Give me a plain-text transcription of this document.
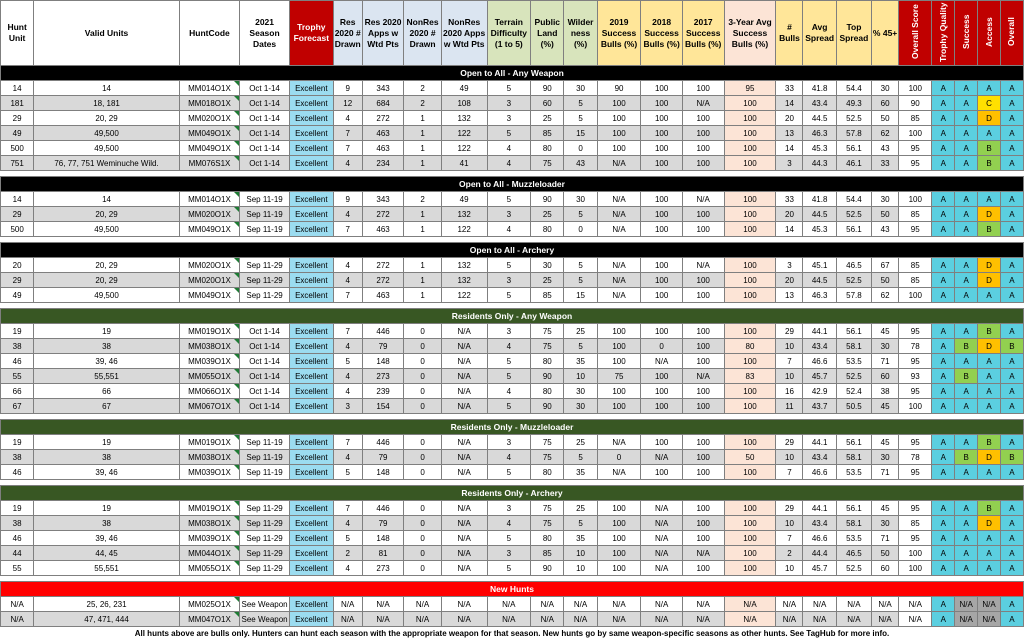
Hunt Unit	Valid Units	HuntCode	2021 Season Dates	Trophy Forecast	Res 2020 # Drawn	Res 2020 Apps w Wtd Pts	NonRes 2020 # Drawn	NonRes 2020 Apps w Wtd Pts	Terrain Difficulty (1 to 5)	Public Land (%)	Wilder ness (%)	2019 Success Bulls (%)	2018 Success Bulls (%)	2017 Success Bulls (%)	3-Year Avg Success Bulls (%)	# Bulls	Avg Spread	Top Spread	% 45+	Overall Score	Trophy Quality	Success	Access	Overall
Open to All - Any Weapon																								
14	14	MM014O1X	Oct 1-14	Excellent	9	343	2	49	5	90	30	90	100	100	95	33	41.8	54.4	30	100	A	A	A	A
181	18, 181	MM018O1X	Oct 1-14	Excellent	12	684	2	108	3	60	5	100	100	N/A	100	14	43.4	49.3	60	90	A	A	C	A
29	20, 29	MM020O1X	Oct 1-14	Excellent	4	272	1	132	3	25	5	100	100	100	100	20	44.5	52.5	50	85	A	A	D	A
49	49,500	MM049O1X	Oct 1-14	Excellent	7	463	1	122	5	85	15	100	100	100	100	13	46.3	57.8	62	100	A	A	A	A
500	49,500	MM049O1X	Oct 1-14	Excellent	7	463	1	122	4	80	0	100	100	100	100	14	45.3	56.1	43	95	A	A	B	A
751	76, 77, 751 Weminuche Wild.	MM076S1X	Oct 1-14	Excellent	4	234	1	41	4	75	43	N/A	100	100	100	3	44.3	46.1	33	95	A	A	B	A

Open to All - Muzzleloader																								
14	14	MM014O1X	Sep 11-19	Excellent	9	343	2	49	5	90	30	N/A	100	N/A	100	33	41.8	54.4	30	100	A	A	A	A
29	20, 29	MM020O1X	Sep 11-19	Excellent	4	272	1	132	3	25	5	N/A	100	100	100	20	44.5	52.5	50	85	A	A	D	A
500	49,500	MM049O1X	Sep 11-19	Excellent	7	463	1	122	4	80	0	N/A	100	100	100	14	45.3	56.1	43	95	A	A	B	A

Open to All - Archery																								
20	20, 29	MM020O1X	Sep 11-29	Excellent	4	272	1	132	5	30	5	N/A	100	N/A	100	3	45.1	46.5	67	85	A	A	D	A
29	20, 29	MM020O1X	Sep 11-29	Excellent	4	272	1	132	3	25	5	N/A	100	100	100	20	44.5	52.5	50	85	A	A	D	A
49	49,500	MM049O1X	Sep 11-29	Excellent	7	463	1	122	5	85	15	N/A	100	100	100	13	46.3	57.8	62	100	A	A	A	A

Residents Only - Any Weapon																								
19	19	MM019O1X	Oct 1-14	Excellent	7	446	0	N/A	3	75	25	100	100	100	100	29	44.1	56.1	45	95	A	A	B	A
38	38	MM038O1X	Oct 1-14	Excellent	4	79	0	N/A	4	75	5	100	0	100	80	10	43.4	58.1	30	78	A	B	D	B
46	39, 46	MM039O1X	Oct 1-14	Excellent	5	148	0	N/A	5	80	35	100	N/A	100	100	7	46.6	53.5	71	95	A	A	A	A
55	55,551	MM055O1X	Oct 1-14	Excellent	4	273	0	N/A	5	90	10	75	100	N/A	83	10	45.7	52.5	60	93	A	B	A	A
66	66	MM066O1X	Oct 1-14	Excellent	4	239	0	N/A	4	80	30	100	100	100	100	16	42.9	52.4	38	95	A	A	A	A
67	67	MM067O1X	Oct 1-14	Excellent	3	154	0	N/A	5	90	30	100	100	100	100	11	43.7	50.5	45	100	A	A	A	A

Residents Only - Muzzleloader																								
19	19	MM019O1X	Sep 11-19	Excellent	7	446	0	N/A	3	75	25	N/A	100	100	100	29	44.1	56.1	45	95	A	A	B	A
38	38	MM038O1X	Sep 11-19	Excellent	4	79	0	N/A	4	75	5	0	N/A	100	50	10	43.4	58.1	30	78	A	B	D	B
46	39, 46	MM039O1X	Sep 11-19	Excellent	5	148	0	N/A	5	80	35	N/A	100	100	100	7	46.6	53.5	71	95	A	A	A	A

Residents Only - Archery																								
19	19	MM019O1X	Sep 11-29	Excellent	7	446	0	N/A	3	75	25	100	N/A	100	100	29	44.1	56.1	45	95	A	A	B	A
38	38	MM038O1X	Sep 11-29	Excellent	4	79	0	N/A	4	75	5	100	N/A	100	100	10	43.4	58.1	30	85	A	A	D	A
46	39, 46	MM039O1X	Sep 11-29	Excellent	5	148	0	N/A	5	80	35	100	N/A	100	100	7	46.6	53.5	71	95	A	A	A	A
44	44, 45	MM044O1X	Sep 11-29	Excellent	2	81	0	N/A	3	85	10	100	N/A	N/A	100	2	44.4	46.5	50	100	A	A	A	A
55	55,551	MM055O1X	Sep 11-29	Excellent	4	273	0	N/A	5	90	10	100	N/A	100	100	10	45.7	52.5	60	100	A	A	A	A

New Hunts																								
N/A	25, 26, 231	MM025O1X	See Weapon	Excellent	N/A	N/A	N/A	N/A	N/A	N/A	N/A	N/A	N/A	N/A	N/A	N/A	N/A	N/A	N/A	N/A	A	N/A	N/A	A
N/A	47, 471, 444	MM047O1X	See Weapon	Excellent	N/A	N/A	N/A	N/A	N/A	N/A	N/A	N/A	N/A	N/A	N/A	N/A	N/A	N/A	N/A	N/A	A	N/A	N/A	A
All hunts above are bulls only. Hunters can hunt each season with the appropriate weapon for that season. New hunts go by same weapon-specific seasons as other hunts. See TagHub for more info.
